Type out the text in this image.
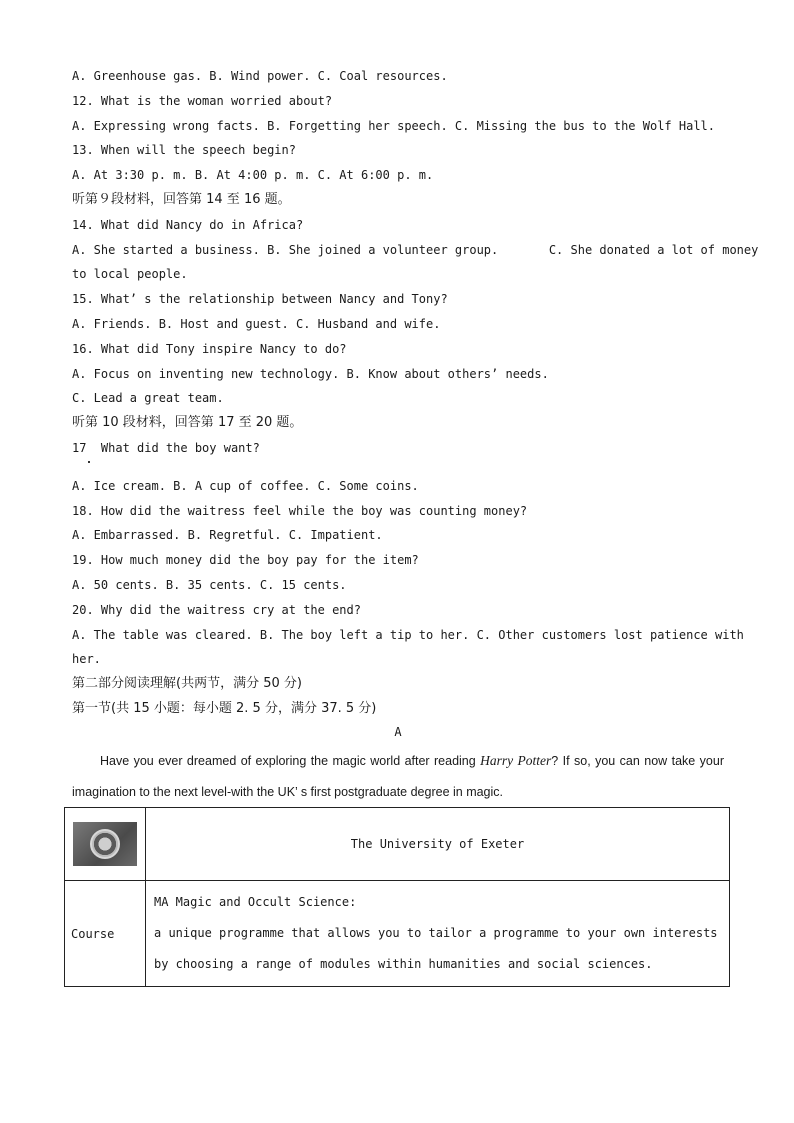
A. Greenhouse gas. B. Wind power. C. Coal resources.
12. What is the woman worried about?
A. Expressing wrong facts. B. Forgetting her speech. C. Missing the bus to the Wolf Hall.
13. When will the speech begin?
A. At 3:30 p. m. B. At 4:00 p. m. C. At 6:00 p. m.
听第９段材料，回答第 14 至 16 题。
14. What did Nancy do in Africa?
A. She started a business. B. She joined a volunteer group.       C. She donated a lot of money
to local people.
15. What’ s the relationship between Nancy and Tony?
A. Friends. B. Host and guest. C. Husband and wife.
16. What did Tony inspire Nancy to do?
A. Focus on inventing new technology. B. Know about others’ needs.
C. Lead a great team.
听第 10 段材料，回答第 17 至 20 题。
17  What did the boy want?
A. Ice cream. B. A cup of coffee. C. Some coins.
18. How did the waitress feel while the boy was counting money?
A. Embarrassed. B. Regretful. C. Impatient.
19. How much money did the boy pay for the item?
A. 50 cents. B. 35 cents. C. 15 cents.
20. Why did the waitress cry at the end?
A. The table was cleared. B. The boy left a tip to her. C. Other customers lost patience with
her.
第二部分阅读理解(共两节，满分 50 分)
第一节(共 15 小题：每小题 2. 5 分，满分 37. 5 分)
A
Have you ever dreamed of exploring the magic world after reading Harry Potter? If so, you can now take your imagination to the next level-with the UK’ s first postgraduate degree in magic.
	The University of Exeter
Course	MA Magic and Occult Science:
a unique programme that allows you to tailor a programme to your own interests by choosing a range of modules within humanities and social sciences.
